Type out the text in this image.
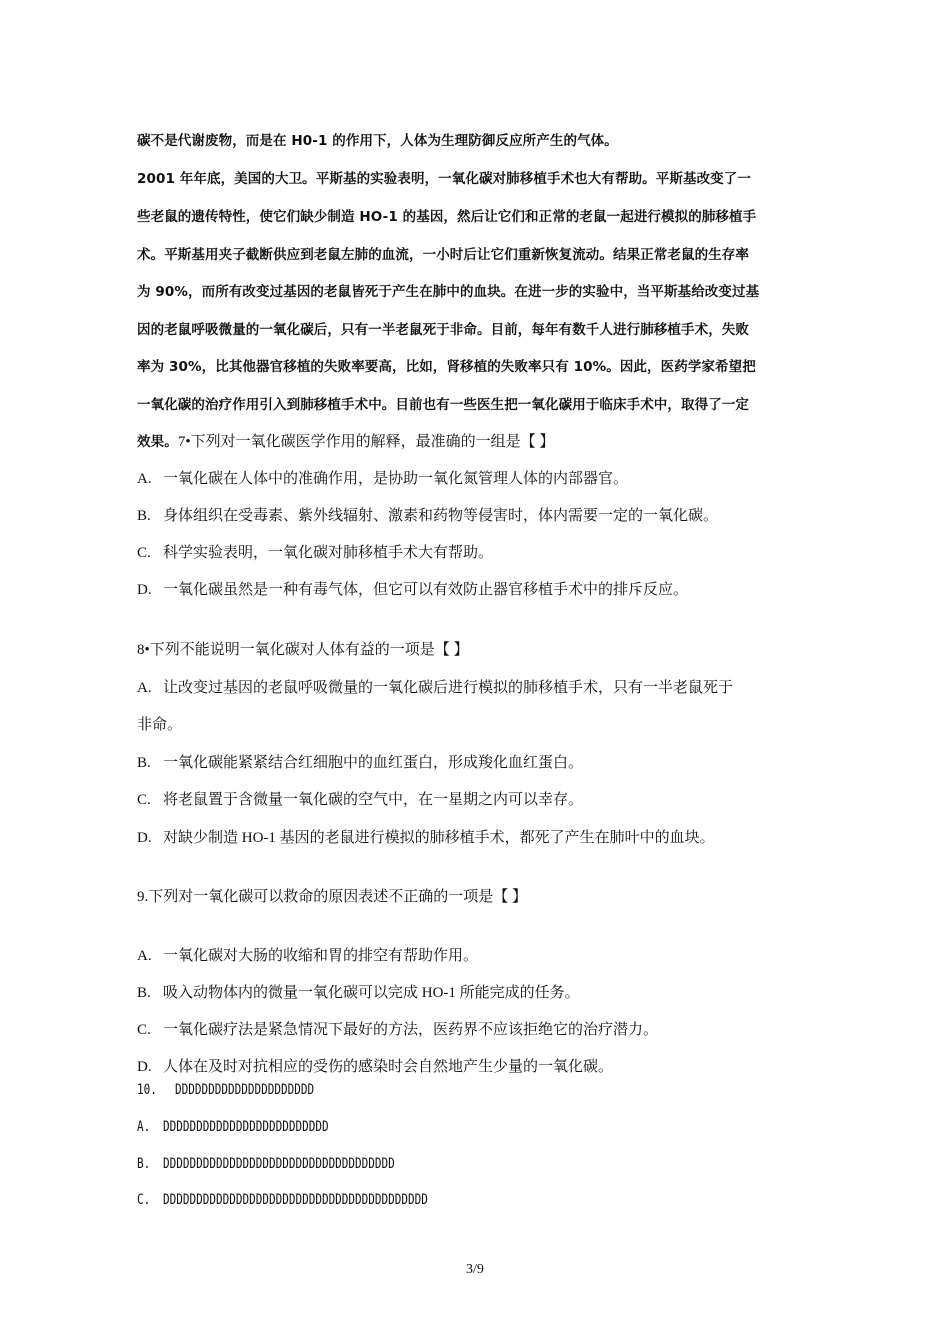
碳不是代谢废物，而是在 H0-1 的作用下，人体为生理防御反应所产生的气体。
2001 年年底，美国的大卫。平斯基的实验表明，一氧化碳对肺移植手术也大有帮助。平斯基改变了一
些老鼠的遗传特性，使它们缺少制造 HO-1 的基因，然后让它们和正常的老鼠一起进行模拟的肺移植手
术。平斯基用夹子截断供应到老鼠左肺的血流，一小时后让它们重新恢复流动。结果正常老鼠的生存率
为 90%，而所有改变过基因的老鼠皆死于产生在肺中的血块。在进一步的实验中，当平斯基给改变过基
因的老鼠呼吸微量的一氧化碳后，只有一半老鼠死于非命。目前，每年有数千人进行肺移植手术，失败
率为 30%，比其他器官移植的失败率要高，比如，肾移植的失败率只有 10%。因此，医药学家希望把
一氧化碳的治疗作用引入到肺移植手术中。目前也有一些医生把一氧化碳用于临床手术中，取得了一定
效果。7•下列对一氧化碳医学作用的解释，最准确的一组是【 】
A. 一氧化碳在人体中的准确作用，是协助一氧化氮管理人体的内部器官。
B. 身体组织在受毒素、紫外线辐射、激素和药物等侵害时，体内需要一定的一氧化碳。
C. 科学实验表明，一氧化碳对肺移植手术大有帮助。
D. 一氧化碳虽然是一种有毒气体，但它可以有效防止器官移植手术中的排斥反应。
8•下列不能说明一氧化碳对人体有益的一项是【 】
A. 让改变过基因的老鼠呼吸微量的一氧化碳后进行模拟的肺移植手术，只有一半老鼠死于
非命。
B. 一氧化碳能紧紧结合红细胞中的血红蛋白，形成羧化血红蛋白。
C. 将老鼠置于含微量一氧化碳的空气中，在一星期之内可以幸存。
D. 对缺少制造 HO-1 基因的老鼠进行模拟的肺移植手术，都死了产生在肺叶中的血块。
9.下列对一氧化碳可以救命的原因表述不正确的一项是【 】
A. 一氧化碳对大肠的收缩和胃的排空有帮助作用。
B. 吸入动物体内的微量一氧化碳可以完成 HO-1 所能完成的任务。
C. 一氧化碳疗法是紧急情况下最好的方法，医药界不应该拒绝它的治疗潜力。
D. 人体在及时对抗相应的受伤的感染时会自然地产生少量的一氧化碳。
10. DDDDDDDDDDDDDDDDDDDDD
A. DDDDDDDDDDDDDDDDDDDDDDDDD
B. DDDDDDDDDDDDDDDDDDDDDDDDDDDDDDDDDDD
C. DDDDDDDDDDDDDDDDDDDDDDDDDDDDDDDDDDDDDDDD
3/9
